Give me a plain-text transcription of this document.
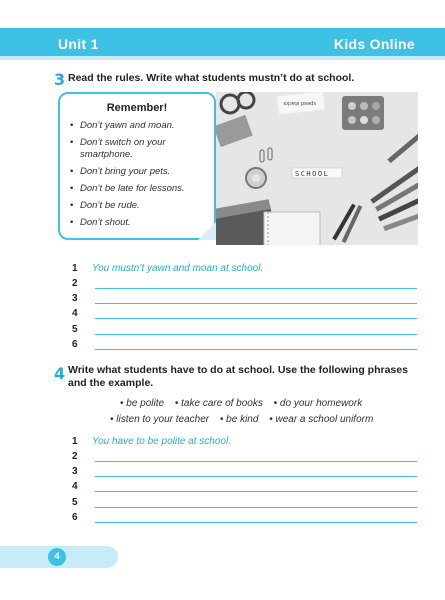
Unit 1	Kids Online
3 Read the rules. Write what students mustn’t do at school.
Remember!
• Don’t yawn and moan.
• Don’t switch on your smartphone.
• Don’t bring your pets.
• Don’t be late for lessons.
• Don’t be rude.
• Don’t shout.
speed stacks
SCHOOL
1 You mustn’t yawn and moan at school.
2
3
4
5
6
4 Write what students have to do at school. Use the following phrases and the example.
• be polite • take care of books • do your homework
• listen to your teacher • be kind • wear a school uniform
1 You have to be polite at school.
2
3
4
5
6
4
